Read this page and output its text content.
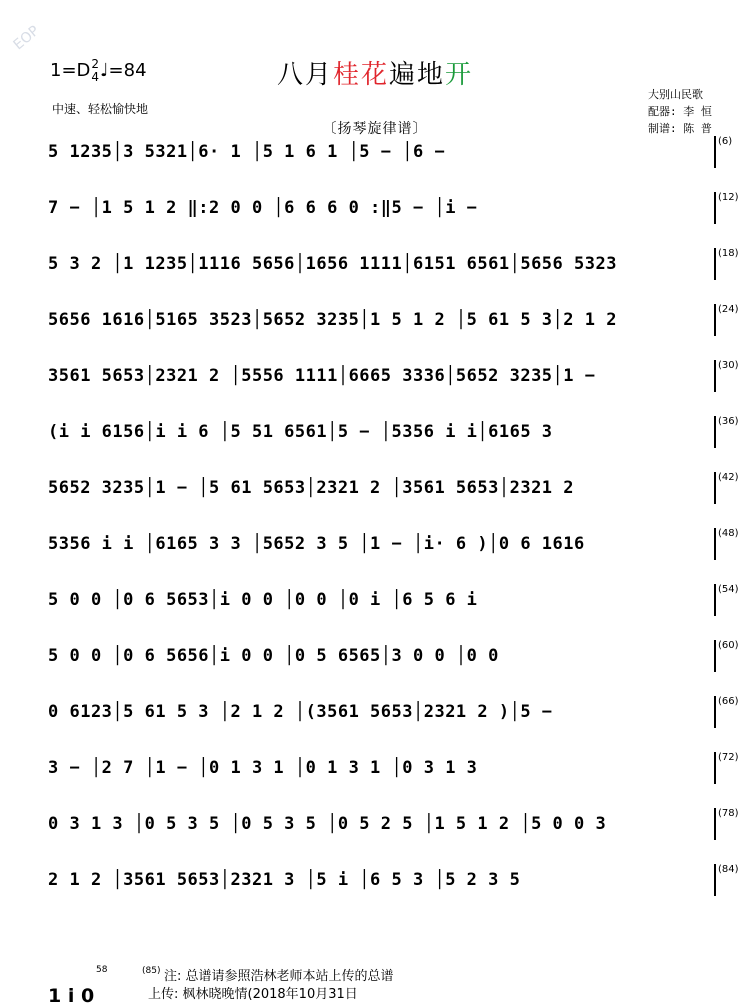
EOP
1=D2
4♩=84	八月桂花遍地开
中速、轻松愉快地
〔扬琴旋律谱〕
大别山民歌
配器: 李 恒
制谱: 陈 普
5 1235│3 5321│6· 1 │5 1 6 1 │5 − │6 −
(6)
7 − │1 5 1 2 ‖:2 0 0 │6 6 6 0 :‖5 − │i −
(12)
5 3 2 │1 1235│1116 5656│1656 1111│6151 6561│5656 5323
(18)
5656 1616│5165 3523│5652 3235│1 5 1 2 │5 61 5 3│2 1 2
(24)
3561 5653│2321 2 │5556 1111│6665 3336│5652 3235│1 −
(30)
(i i 6156│i i 6 │5 51 6561│5 − │5356 i i│6165 3
(36)
5652 3235│1 − │5 61 5653│2321 2 │3561 5653│2321 2
(42)
5356 i i │6165 3 3 │5652 3 5 │1 − │i· 6 )│0 6 1616
(48)
5 0 0 │0 6 5653│i 0 0 │0 0 │0 i │6 5 6 i
(54)
5 0 0 │0 6 5656│i 0 0 │0 5 6565│3 0 0 │0 0
(60)
0 6123│5 61 5 3 │2 1 2 │(3561 5653│2321 2 )│5 −
(66)
3 − │2 7 │1 − │0 1 3 1 │0 1 3 1 │0 3 1 3
(72)
0 3 1 3 │0 5 3 5 │0 5 3 5 │0 5 2 5 │1 5 1 2 │5 0 0 3
(78)
2 1 2 │3561 5653│2321 3 │5 i │6 5 3 │5 2 3 5
(84)
1 i 0
58	(85) 注: 总谱请参照浩林老师本站上传的总谱
上传: 枫林晓晚情(2018年10月31日
